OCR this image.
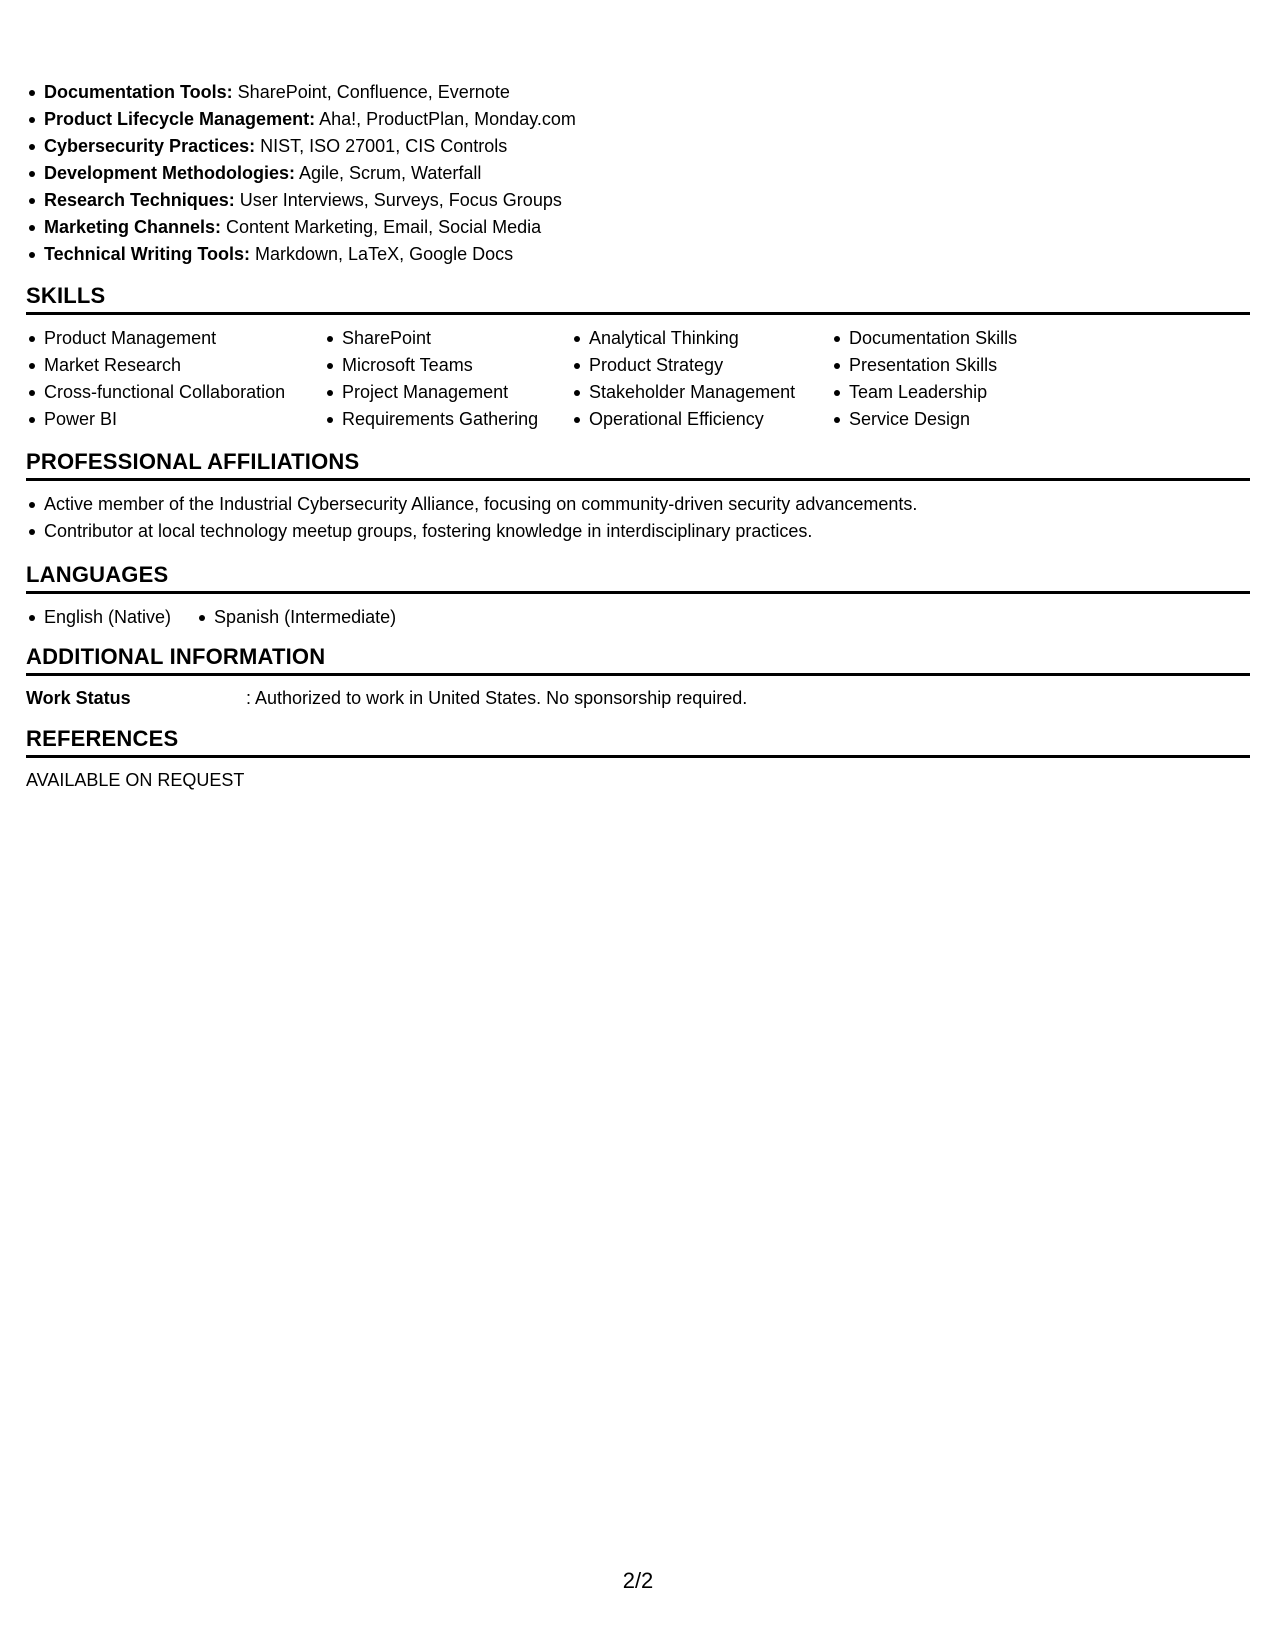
Documentation Tools: SharePoint, Confluence, Evernote
Product Lifecycle Management: Aha!, ProductPlan, Monday.com
Cybersecurity Practices: NIST, ISO 27001, CIS Controls
Development Methodologies: Agile, Scrum, Waterfall
Research Techniques: User Interviews, Surveys, Focus Groups
Marketing Channels: Content Marketing, Email, Social Media
Technical Writing Tools: Markdown, LaTeX, Google Docs
SKILLS
Product Management
Market Research
Cross-functional Collaboration
Power BI
SharePoint
Microsoft Teams
Project Management
Requirements Gathering
Analytical Thinking
Product Strategy
Stakeholder Management
Operational Efficiency
Documentation Skills
Presentation Skills
Team Leadership
Service Design
PROFESSIONAL AFFILIATIONS
Active member of the Industrial Cybersecurity Alliance, focusing on community-driven security advancements.
Contributor at local technology meetup groups, fostering knowledge in interdisciplinary practices.
LANGUAGES
English (Native)	Spanish (Intermediate)
ADDITIONAL INFORMATION
Work Status	: Authorized to work in United States. No sponsorship required.
REFERENCES
AVAILABLE ON REQUEST
2/2
